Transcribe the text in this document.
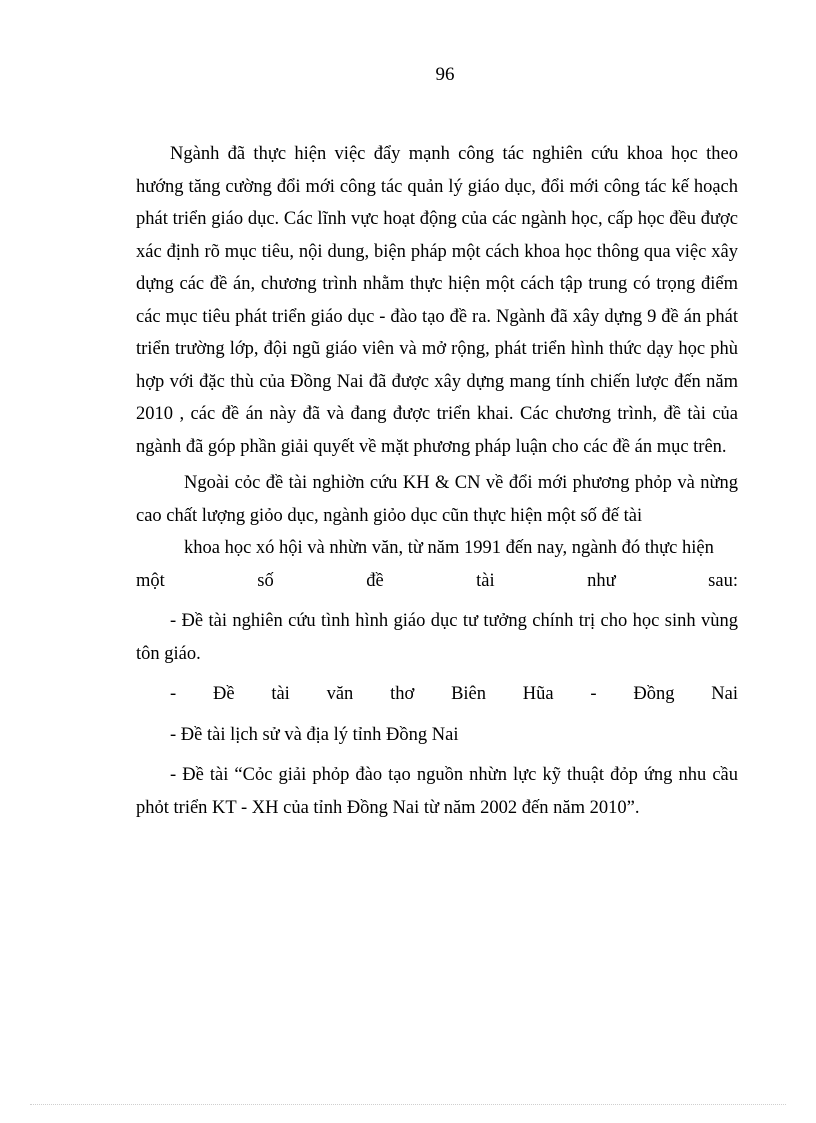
96

Ngành đã thực hiện việc đẩy mạnh công tác nghiên cứu khoa học theo hướng tăng cường đổi mới công tác quản lý giáo dục, đổi mới công tác kế hoạch phát triển giáo dục. Các lĩnh vực hoạt động của các ngành học, cấp học đều được xác định rõ mục tiêu, nội dung, biện pháp một cách khoa học thông qua việc xây dựng các đề án, chương trình nhằm thực hiện một cách tập trung có trọng điểm các mục tiêu phát triển giáo dục - đào tạo đề ra. Ngành đã xây dựng 9 đề án phát triển trường lớp, đội ngũ giáo viên và mở rộng, phát triển hình thức dạy học phù hợp với đặc thù của Đồng Nai đã được xây dựng mang tính chiến lược đến năm 2010 , các đề án này đã và đang được triển khai. Các chương trình, đề tài của ngành đã góp phần giải quyết về mặt phương pháp luận cho các đề án mục trên.

Ngoài cỏc đề tài nghiờn cứu KH & CN về đổi mới phương phỏp và nừng cao chất lượng giỏo dục, ngành giỏo dục cũn thực hiện một số đế tài

khoa học xó hội và nhừn văn, từ năm 1991 đến nay, ngành đó thực hiện

một	số	đề	tài	như	sau:

- Đề tài nghiên cứu tình hình giáo dục tư tưởng chính trị cho học sinh vùng tôn giáo.

- Đề tài văn thơ Biên Hũa - Đồng Nai

- Đề tài lịch sử và địa lý tỉnh Đồng Nai

- Đề tài “Cỏc giải phỏp đào tạo nguồn nhừn lực kỹ thuật đỏp ứng nhu cầu phỏt triển KT - XH của tỉnh Đồng Nai từ năm 2002 đến năm 2010”.
